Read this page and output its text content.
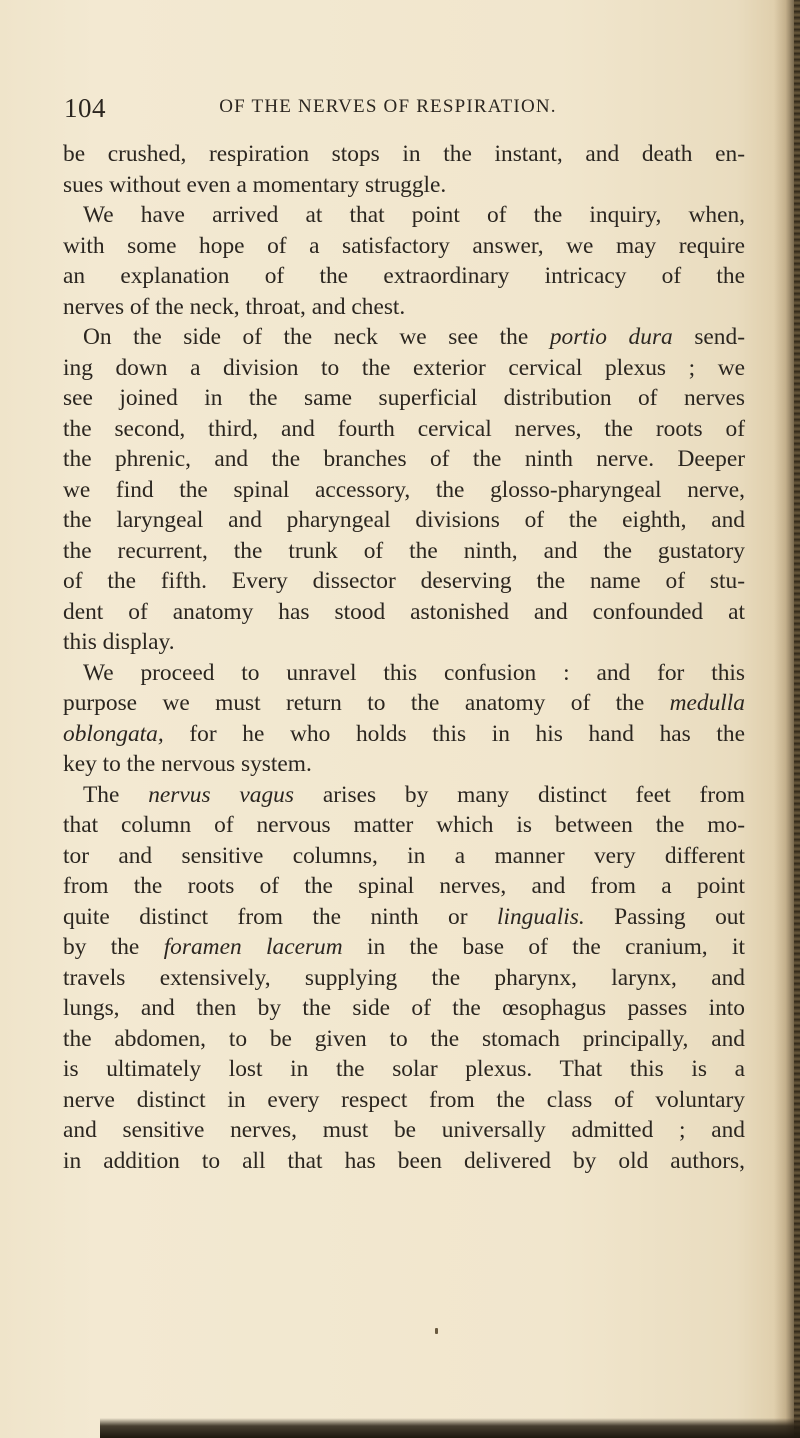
104	OF THE NERVES OF RESPIRATION.
be crushed, respiration stops in the instant, and death en-
sues without even a momentary struggle.
We have arrived at that point of the inquiry, when,
with some hope of a satisfactory answer, we may require
an explanation of the extraordinary intricacy of the
nerves of the neck, throat, and chest.
On the side of the neck we see the portio dura send-
ing down a division to the exterior cervical plexus ; we
see joined in the same superficial distribution of nerves
the second, third, and fourth cervical nerves, the roots of
the phrenic, and the branches of the ninth nerve. Deeper
we find the spinal accessory, the glosso-pharyngeal nerve,
the laryngeal and pharyngeal divisions of the eighth, and
the recurrent, the trunk of the ninth, and the gustatory
of the fifth. Every dissector deserving the name of stu-
dent of anatomy has stood astonished and confounded at
this display.
We proceed to unravel this confusion : and for this
purpose we must return to the anatomy of the medulla
oblongata, for he who holds this in his hand has the
key to the nervous system.
The nervus vagus arises by many distinct feet from
that column of nervous matter which is between the mo-
tor and sensitive columns, in a manner very different
from the roots of the spinal nerves, and from a point
quite distinct from the ninth or lingualis. Passing out
by the foramen lacerum in the base of the cranium, it
travels extensively, supplying the pharynx, larynx, and
lungs, and then by the side of the œsophagus passes into
the abdomen, to be given to the stomach principally, and
is ultimately lost in the solar plexus. That this is a
nerve distinct in every respect from the class of voluntary
and sensitive nerves, must be universally admitted ; and
in addition to all that has been delivered by old authors,
